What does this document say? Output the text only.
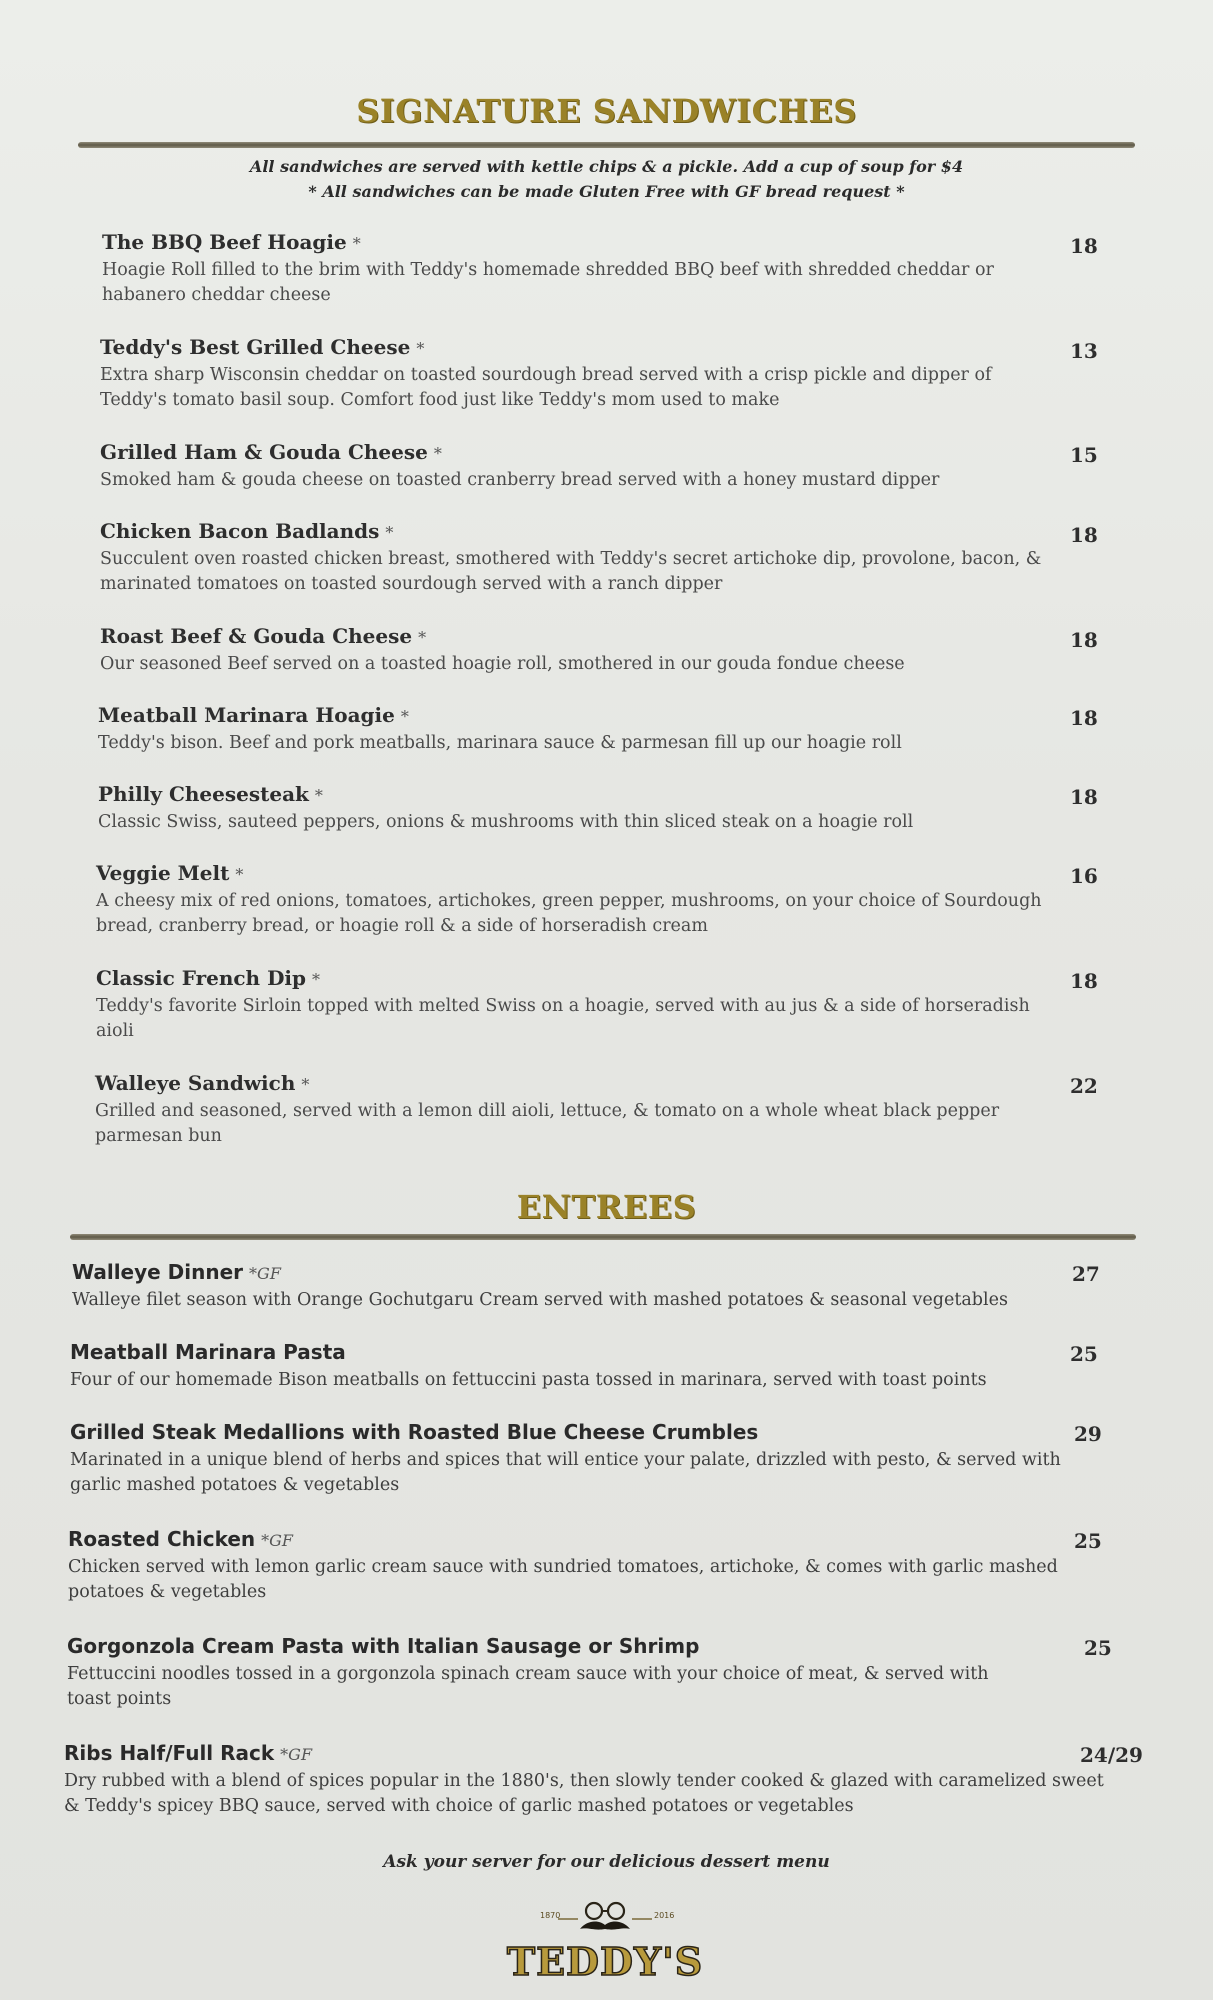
SIGNATURE SANDWICHES
All sandwiches are served with kettle chips & a pickle. Add a cup of soup for $4
* All sandwiches can be made Gluten Free with GF bread request *
The BBQ Beef Hoagie *
Hoagie Roll filled to the brim with Teddy's homemade shredded BBQ beef with shredded cheddar or habanero cheddar cheese
18
Teddy's Best Grilled Cheese *
Extra sharp Wisconsin cheddar on toasted sourdough bread served with a crisp pickle and dipper of Teddy's tomato basil soup. Comfort food just like Teddy's mom used to make
13
Grilled Ham & Gouda Cheese *
Smoked ham & gouda cheese on toasted cranberry bread served with a honey mustard dipper
15
Chicken Bacon Badlands *
Succulent oven roasted chicken breast, smothered with Teddy's secret artichoke dip, provolone, bacon, & marinated tomatoes on toasted sourdough served with a ranch dipper
18
Roast Beef & Gouda Cheese *
Our seasoned Beef served on a toasted hoagie roll, smothered in our gouda fondue cheese
18
Meatball Marinara Hoagie *
Teddy's bison. Beef and pork meatballs, marinara sauce & parmesan fill up our hoagie roll
18
Philly Cheesesteak *
Classic Swiss, sauteed peppers, onions & mushrooms with thin sliced steak on a hoagie roll
18
Veggie Melt *
A cheesy mix of red onions, tomatoes, artichokes, green pepper, mushrooms, on your choice of Sourdough bread, cranberry bread, or hoagie roll & a side of horseradish cream
16
Classic French Dip *
Teddy's favorite Sirloin topped with melted Swiss on a hoagie, served with au jus & a side of horseradish aioli
18
Walleye Sandwich *
Grilled and seasoned, served with a lemon dill aioli, lettuce, & tomato on a whole wheat black pepper parmesan bun
22
ENTREES
Walleye Dinner *GF
Walleye filet season with Orange Gochutgaru Cream served with mashed potatoes & seasonal vegetables
27
Meatball Marinara Pasta
Four of our homemade Bison meatballs on fettuccini pasta tossed in marinara, served with toast points
25
Grilled Steak Medallions with Roasted Blue Cheese Crumbles
Marinated in a unique blend of herbs and spices that will entice your palate, drizzled with pesto, & served with garlic mashed potatoes & vegetables
29
Roasted Chicken *GF
Chicken served with lemon garlic cream sauce with sundried tomatoes, artichoke, & comes with garlic mashed potatoes & vegetables
25
Gorgonzola Cream Pasta with Italian Sausage or Shrimp
Fettuccini noodles tossed in a gorgonzola spinach cream sauce with your choice of meat, & served with toast points
25
Ribs Half/Full Rack *GF
Dry rubbed with a blend of spices popular in the 1880's, then slowly tender cooked & glazed with caramelized sweet & Teddy's spicey BBQ sauce, served with choice of garlic mashed potatoes or vegetables
24/29
Ask your server for our delicious dessert menu
1870	2016
TEDDY'S
